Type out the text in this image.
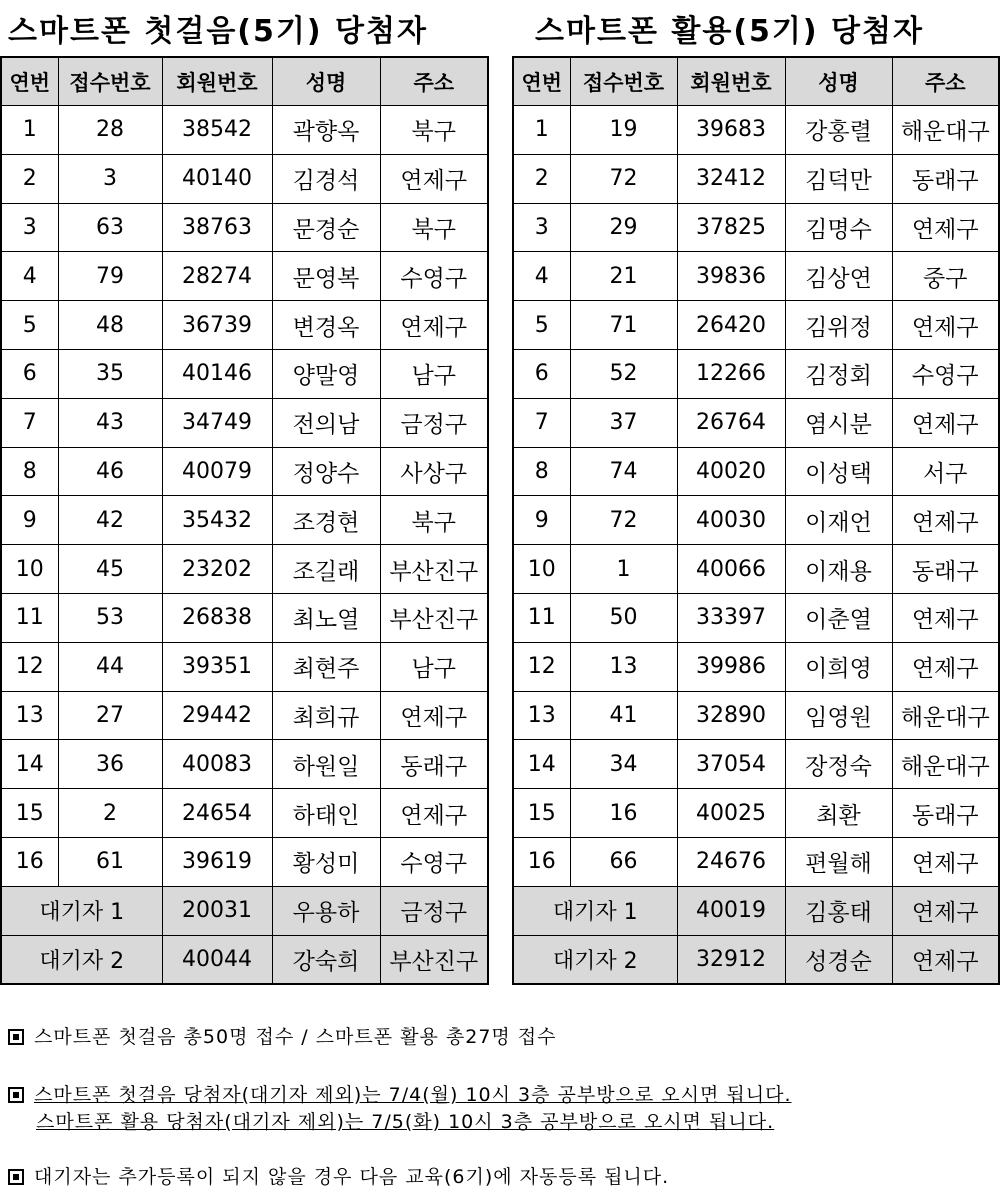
스마트폰 첫걸음(5기) 당첨자	스마트폰 활용(5기) 당첨자
연번	접수번호	회원번호	성명	주소
1	28	38542	곽향옥	북구
2	3	40140	김경석	연제구
3	63	38763	문경순	북구
4	79	28274	문영복	수영구
5	48	36739	변경옥	연제구
6	35	40146	양말영	남구
7	43	34749	전의남	금정구
8	46	40079	정양수	사상구
9	42	35432	조경현	북구
10	45	23202	조길래	부산진구
11	53	26838	최노열	부산진구
12	44	39351	최현주	남구
13	27	29442	최희규	연제구
14	36	40083	하원일	동래구
15	2	24654	하태인	연제구
16	61	39619	황성미	수영구
대기자 1		20031	우용하	금정구
대기자 2		40044	강숙희	부산진구
연번	접수번호	회원번호	성명	주소
1	19	39683	강홍렬	해운대구
2	72	32412	김덕만	동래구
3	29	37825	김명수	연제구
4	21	39836	김상연	중구
5	71	26420	김위정	연제구
6	52	12266	김정회	수영구
7	37	26764	염시분	연제구
8	74	40020	이성택	서구
9	72	40030	이재언	연제구
10	1	40066	이재용	동래구
11	50	33397	이춘열	연제구
12	13	39986	이희영	연제구
13	41	32890	임영원	해운대구
14	34	37054	장정숙	해운대구
15	16	40025	최환	동래구
16	66	24676	편월해	연제구
대기자 1		40019	김홍태	연제구
대기자 2		32912	성경순	연제구
스마트폰 첫걸음 총50명 접수 / 스마트폰 활용 총27명 접수
스마트폰 첫걸음 당첨자(대기자 제외)는 7/4(월) 10시 3층 공부방으로 오시면 됩니다.
스마트폰 활용 당첨자(대기자 제외)는 7/5(화) 10시 3층 공부방으로 오시면 됩니다.
대기자는 추가등록이 되지 않을 경우 다음 교육(6기)에 자동등록 됩니다.
